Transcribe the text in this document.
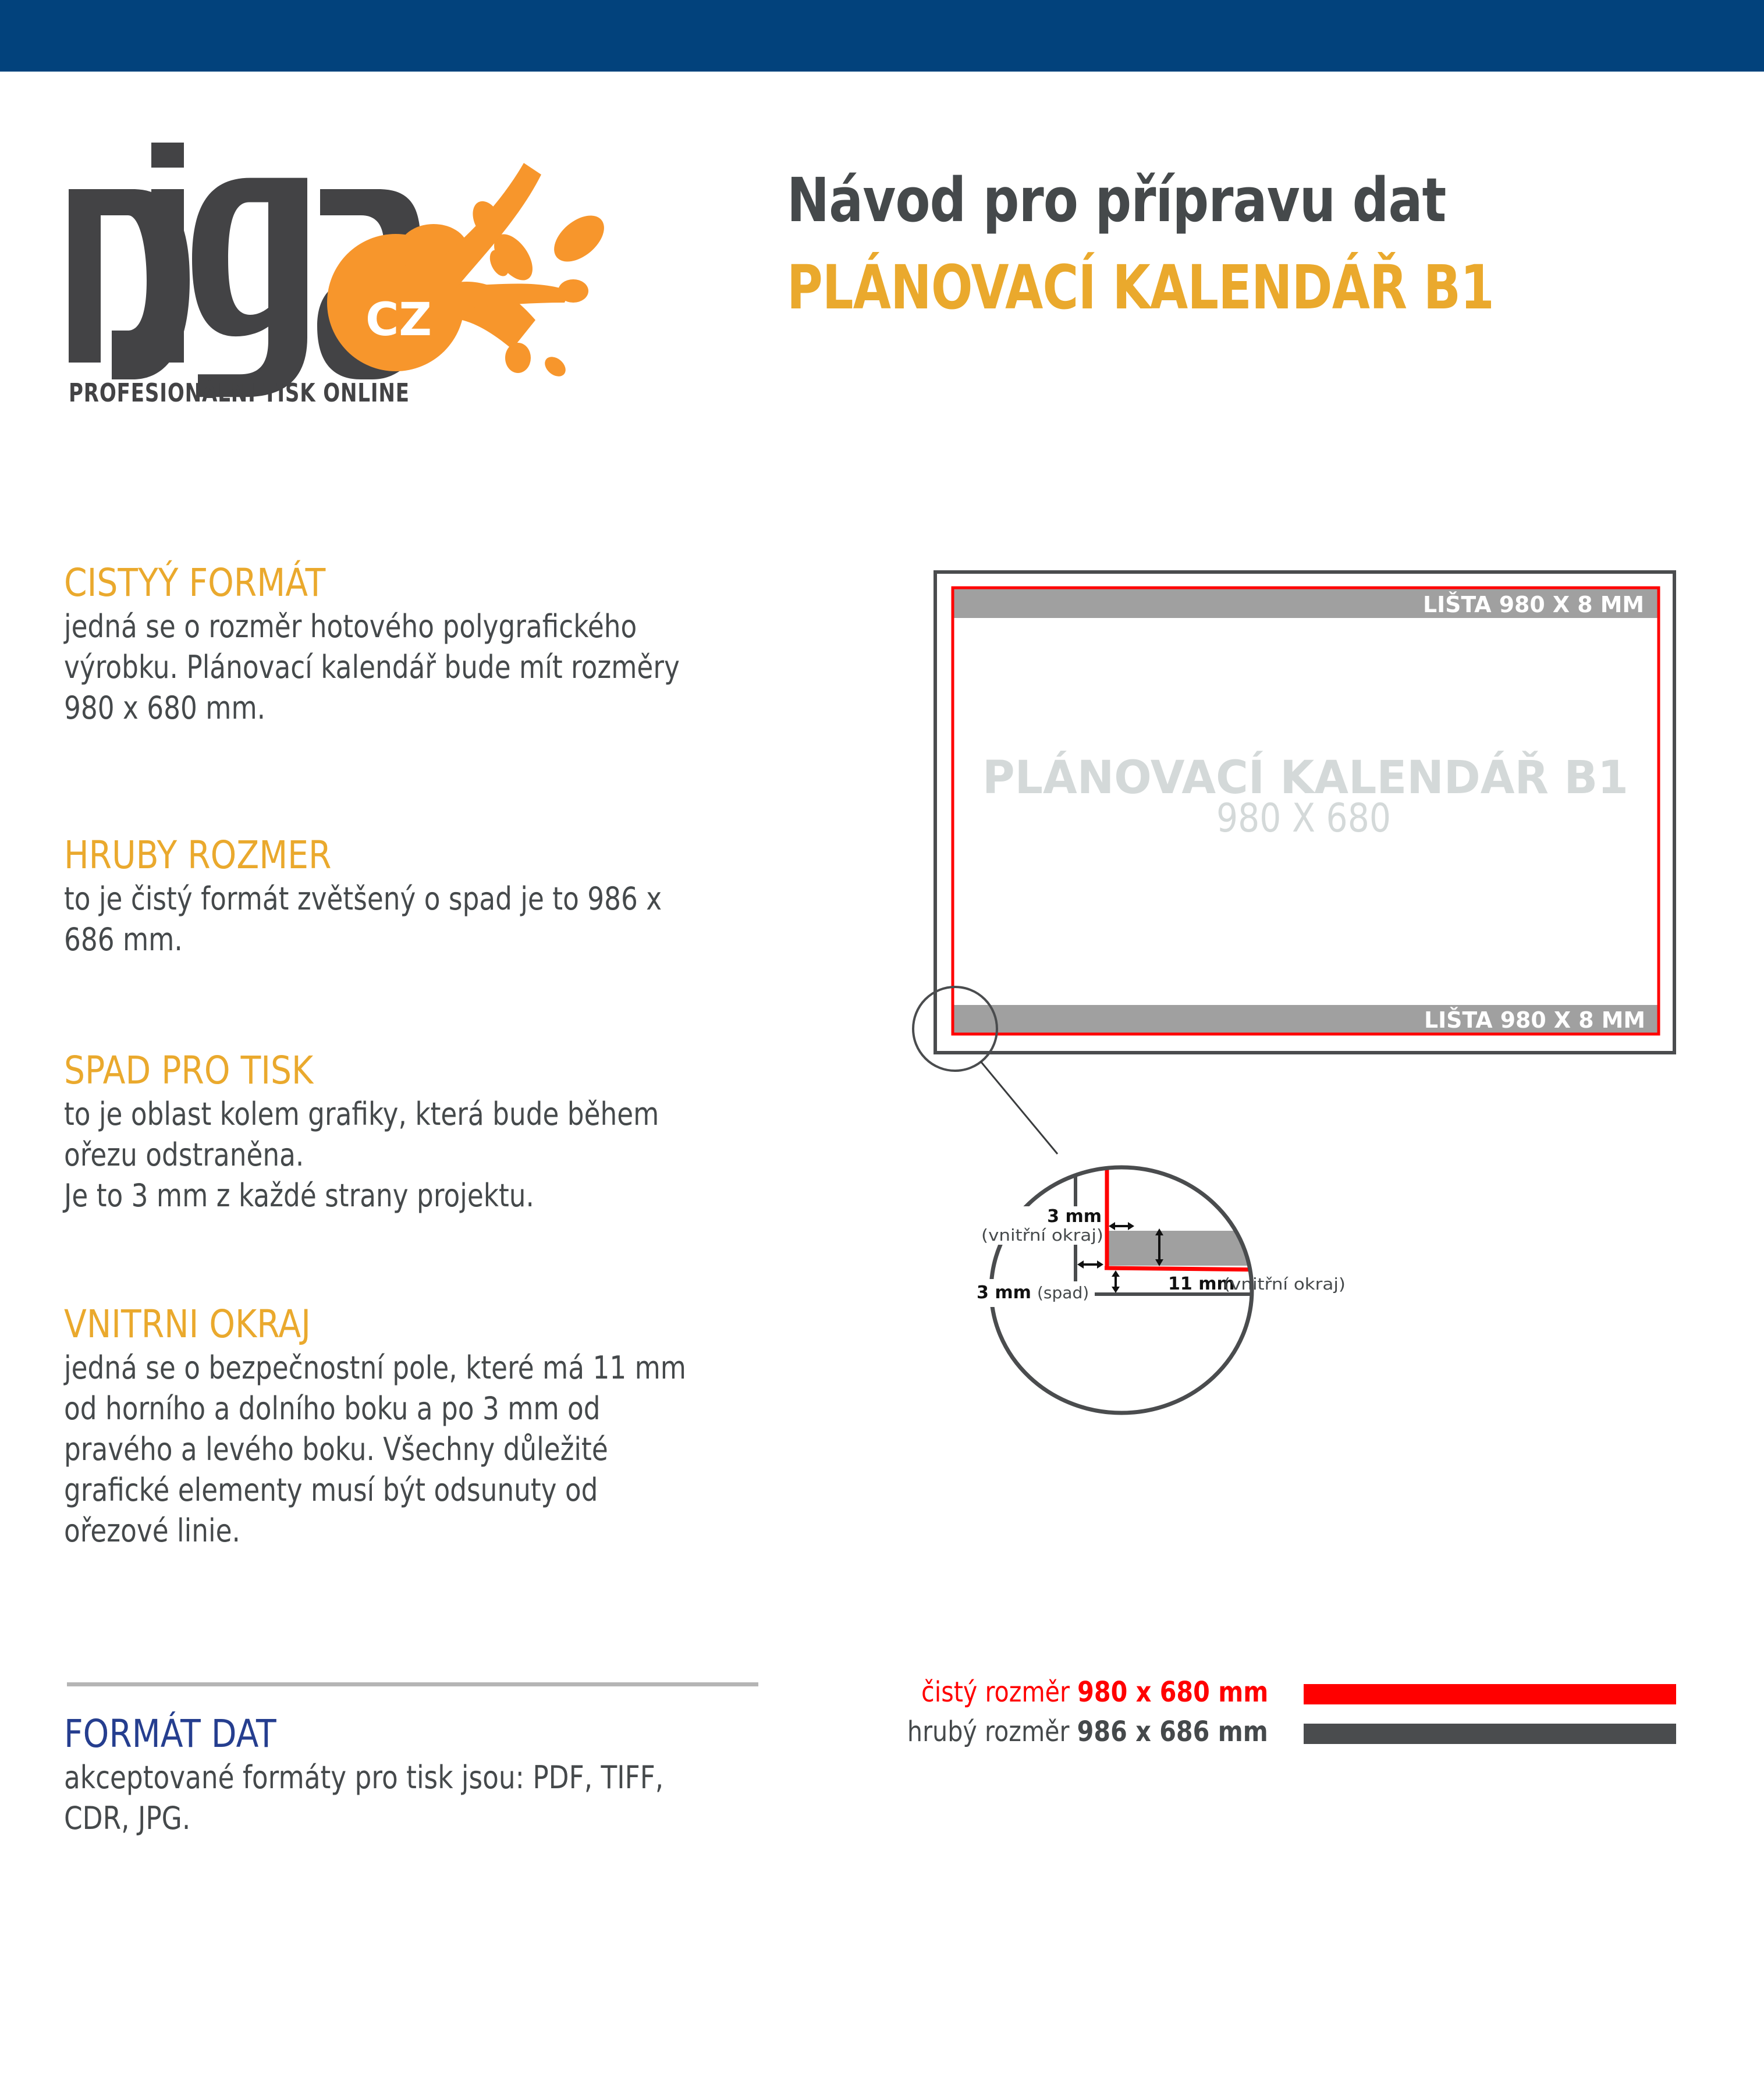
CZ
PROFESIONÁLNÍ TISK ONLINE
Návod pro přípravu dat
PLÁNOVACÍ KALENDÁŘ B1
CISTYÝ FORMÁT
jedná se o rozměr hotového polygrafického
výrobku. Plánovací kalendář bude mít rozměry
980 x 680 mm.
HRUBY ROZMER
to je čistý formát zvětšený o spad je to 986 x
686 mm.
SPAD PRO TISK
to je oblast kolem grafiky, která bude během
ořezu odstraněna.
Je to 3 mm z každé strany projektu.
VNITRNI OKRAJ
jedná se o bezpečnostní pole, které má 11 mm
od horního a dolního boku a po 3 mm od
pravého a levého boku. Všechny důležité
grafické elementy musí být odsunuty od
ořezové linie.
FORMÁT DAT
akceptované formáty pro tisk jsou: PDF, TIFF,
CDR, JPG.
LIŠTA 980 X 8 MM
LIŠTA 980 X 8 MM
PLÁNOVACÍ KALENDÁŘ B1
980 X 680
3 mm
(vnitřní okraj)
3 mm (spad)	11 mm
(vnitřní okraj)
čistý rozměr 980 x 680 mm
hrubý rozměr 986 x 686 mm
